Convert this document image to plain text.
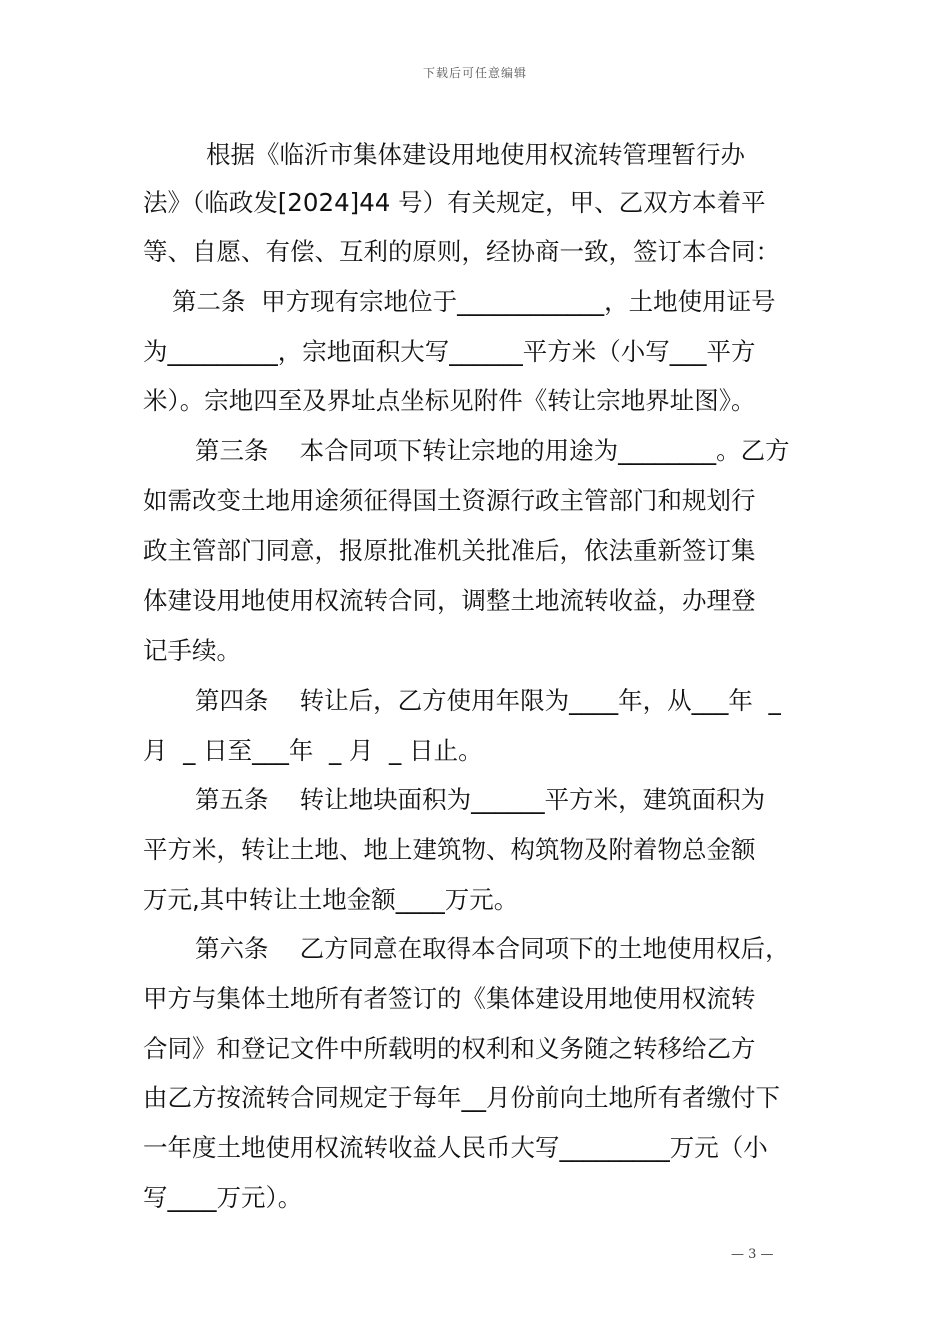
下载后可任意编辑
根据《临沂市集体建设用地使用权流转管理暂行办
法》（临政发[2024]44 号）有关规定，甲、乙双方本着平
等、自愿、有偿、互利的原则，经协商一致，签订本合同：
第二条  甲方现有宗地位于____________，土地使用证号
为_________，宗地面积大写______平方米（小写___平方
米）。宗地四至及界址点坐标见附件《转让宗地界址图》。
第三条    本合同项下转让宗地的用途为________。乙方
如需改变土地用途须征得国土资源行政主管部门和规划行
政主管部门同意，报原批准机关批准后，依法重新签订集
体建设用地使用权流转合同，调整土地流转收益，办理登
记手续。
第四条    转让后，乙方使用年限为____年，从___年  _
月  _ 日至___年  _ 月  _ 日止。
第五条    转让地块面积为______平方米，建筑面积为
平方米，转让土地、地上建筑物、构筑物及附着物总金额
万元,其中转让土地金额____万元。
第六条    乙方同意在取得本合同项下的土地使用权后，
甲方与集体土地所有者签订的《集体建设用地使用权流转
合同》和登记文件中所载明的权利和义务随之转移给乙方
由乙方按流转合同规定于每年__月份前向土地所有者缴付下
一年度土地使用权流转收益人民币大写_________万元（小
写____万元）。
— 3 —
